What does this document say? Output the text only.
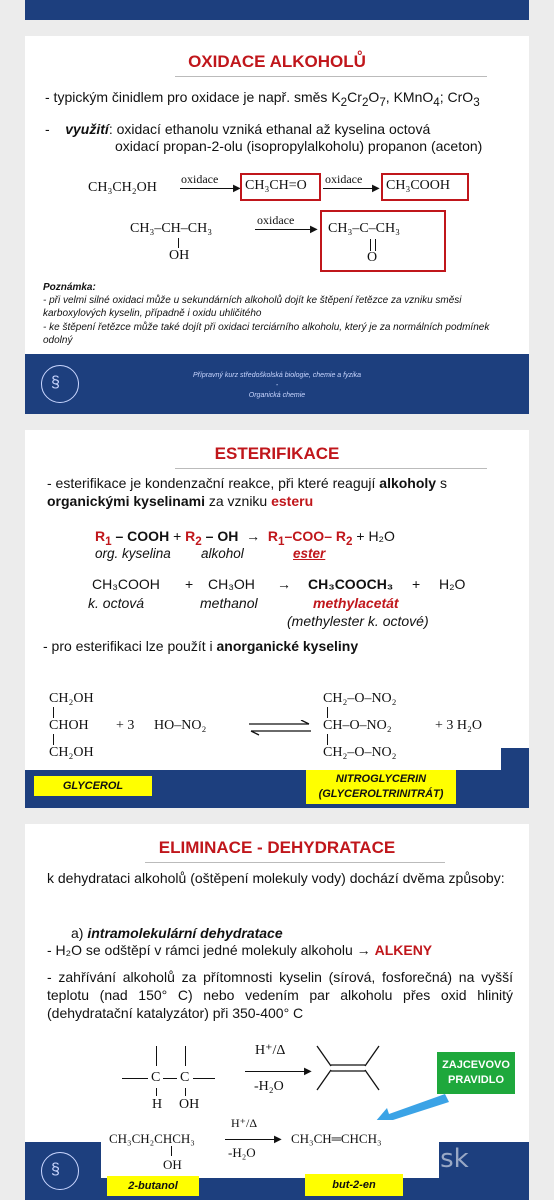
OXIDACE ALKOHOLŮ
- typickým činidlem pro oxidace je např. směs $K_2Cr_2O_7$, KMnO$_4$; CrO$_3$
-    využití: oxidací ethanolu vzniká ethanal až kyselina octová
oxidací propan-2-olu (isopropylalkoholu) propanon (aceton)
CH₃CH₂OH
oxidace
▶ CH₃CH=O oxidace
▶ CH₃COOH
CH₃–CH–CH₃
OH
oxidace
▶ CH₃–C–CH₃
O
Poznámka:
- při velmi silné oxidaci může u sekundárních alkoholů dojít ke štěpení řetězce za vzniku směsi karboxylových kyselin, případně i oxidu uhličitého
- ke štěpení řetězce může také dojít při oxidaci terciárního alkoholu, který je za normálních podmínek odolný
§	Přípravný kurz středoškolská biologie, chemie a fyzika
-
Organická chemie
ESTERIFIKACE
- esterifikace je kondenzační reakce, při které reagují alkoholy s
organickými kyselinami za vzniku esteru
$R_1$ – COOH + $R_2$ – OH → $R_1-COO-$ $R_2 + H_2O$
org. kyselina alkohol	ester
CH₃COOH + CH₃OH → CH₃COOCH₃ + H₂O
k. octová	methanol	methylacetát
(methylester k. octové)
- pro esterifikaci lze použít i anorganické kyseliny
CH₂OH
CHOH
CH₂OH
+ 3 HO–NO₂
CH₂–O–NO₂
CH–O–NO₂
CH₂–O–NO₂
+ 3 H₂O
GLYCEROL
NITROGLYCERIN
(GLYCEROLTRINITRÁT)
ELIMINACE - DEHYDRATACE
k dehydrataci alkoholů (oštěpení molekuly vody) dochází dvěma způsoby:
a) intramolekulární dehydratace
- H₂O se odštěpí v rámci jedné molekuly alkoholu → ALKENY
- zahřívání alkoholů za přítomnosti kyselin (sírová, fosforečná) na vyšší teplotu (nad 150° C) nebo vedením par alkoholu přes oxid hlinitý (dehydratační katalyzátor) při 350-400° C
C C
H OH
H⁺/Δ
▶
-H₂O
ZAJCEVOVO
PRAVIDLO
§
CH₃CH₂CHCH₃
OH
H⁺/Δ
▶
-H₂O
CH₃CH═CHCH₃
2-butanol	but-2-en
Bazos.sk
